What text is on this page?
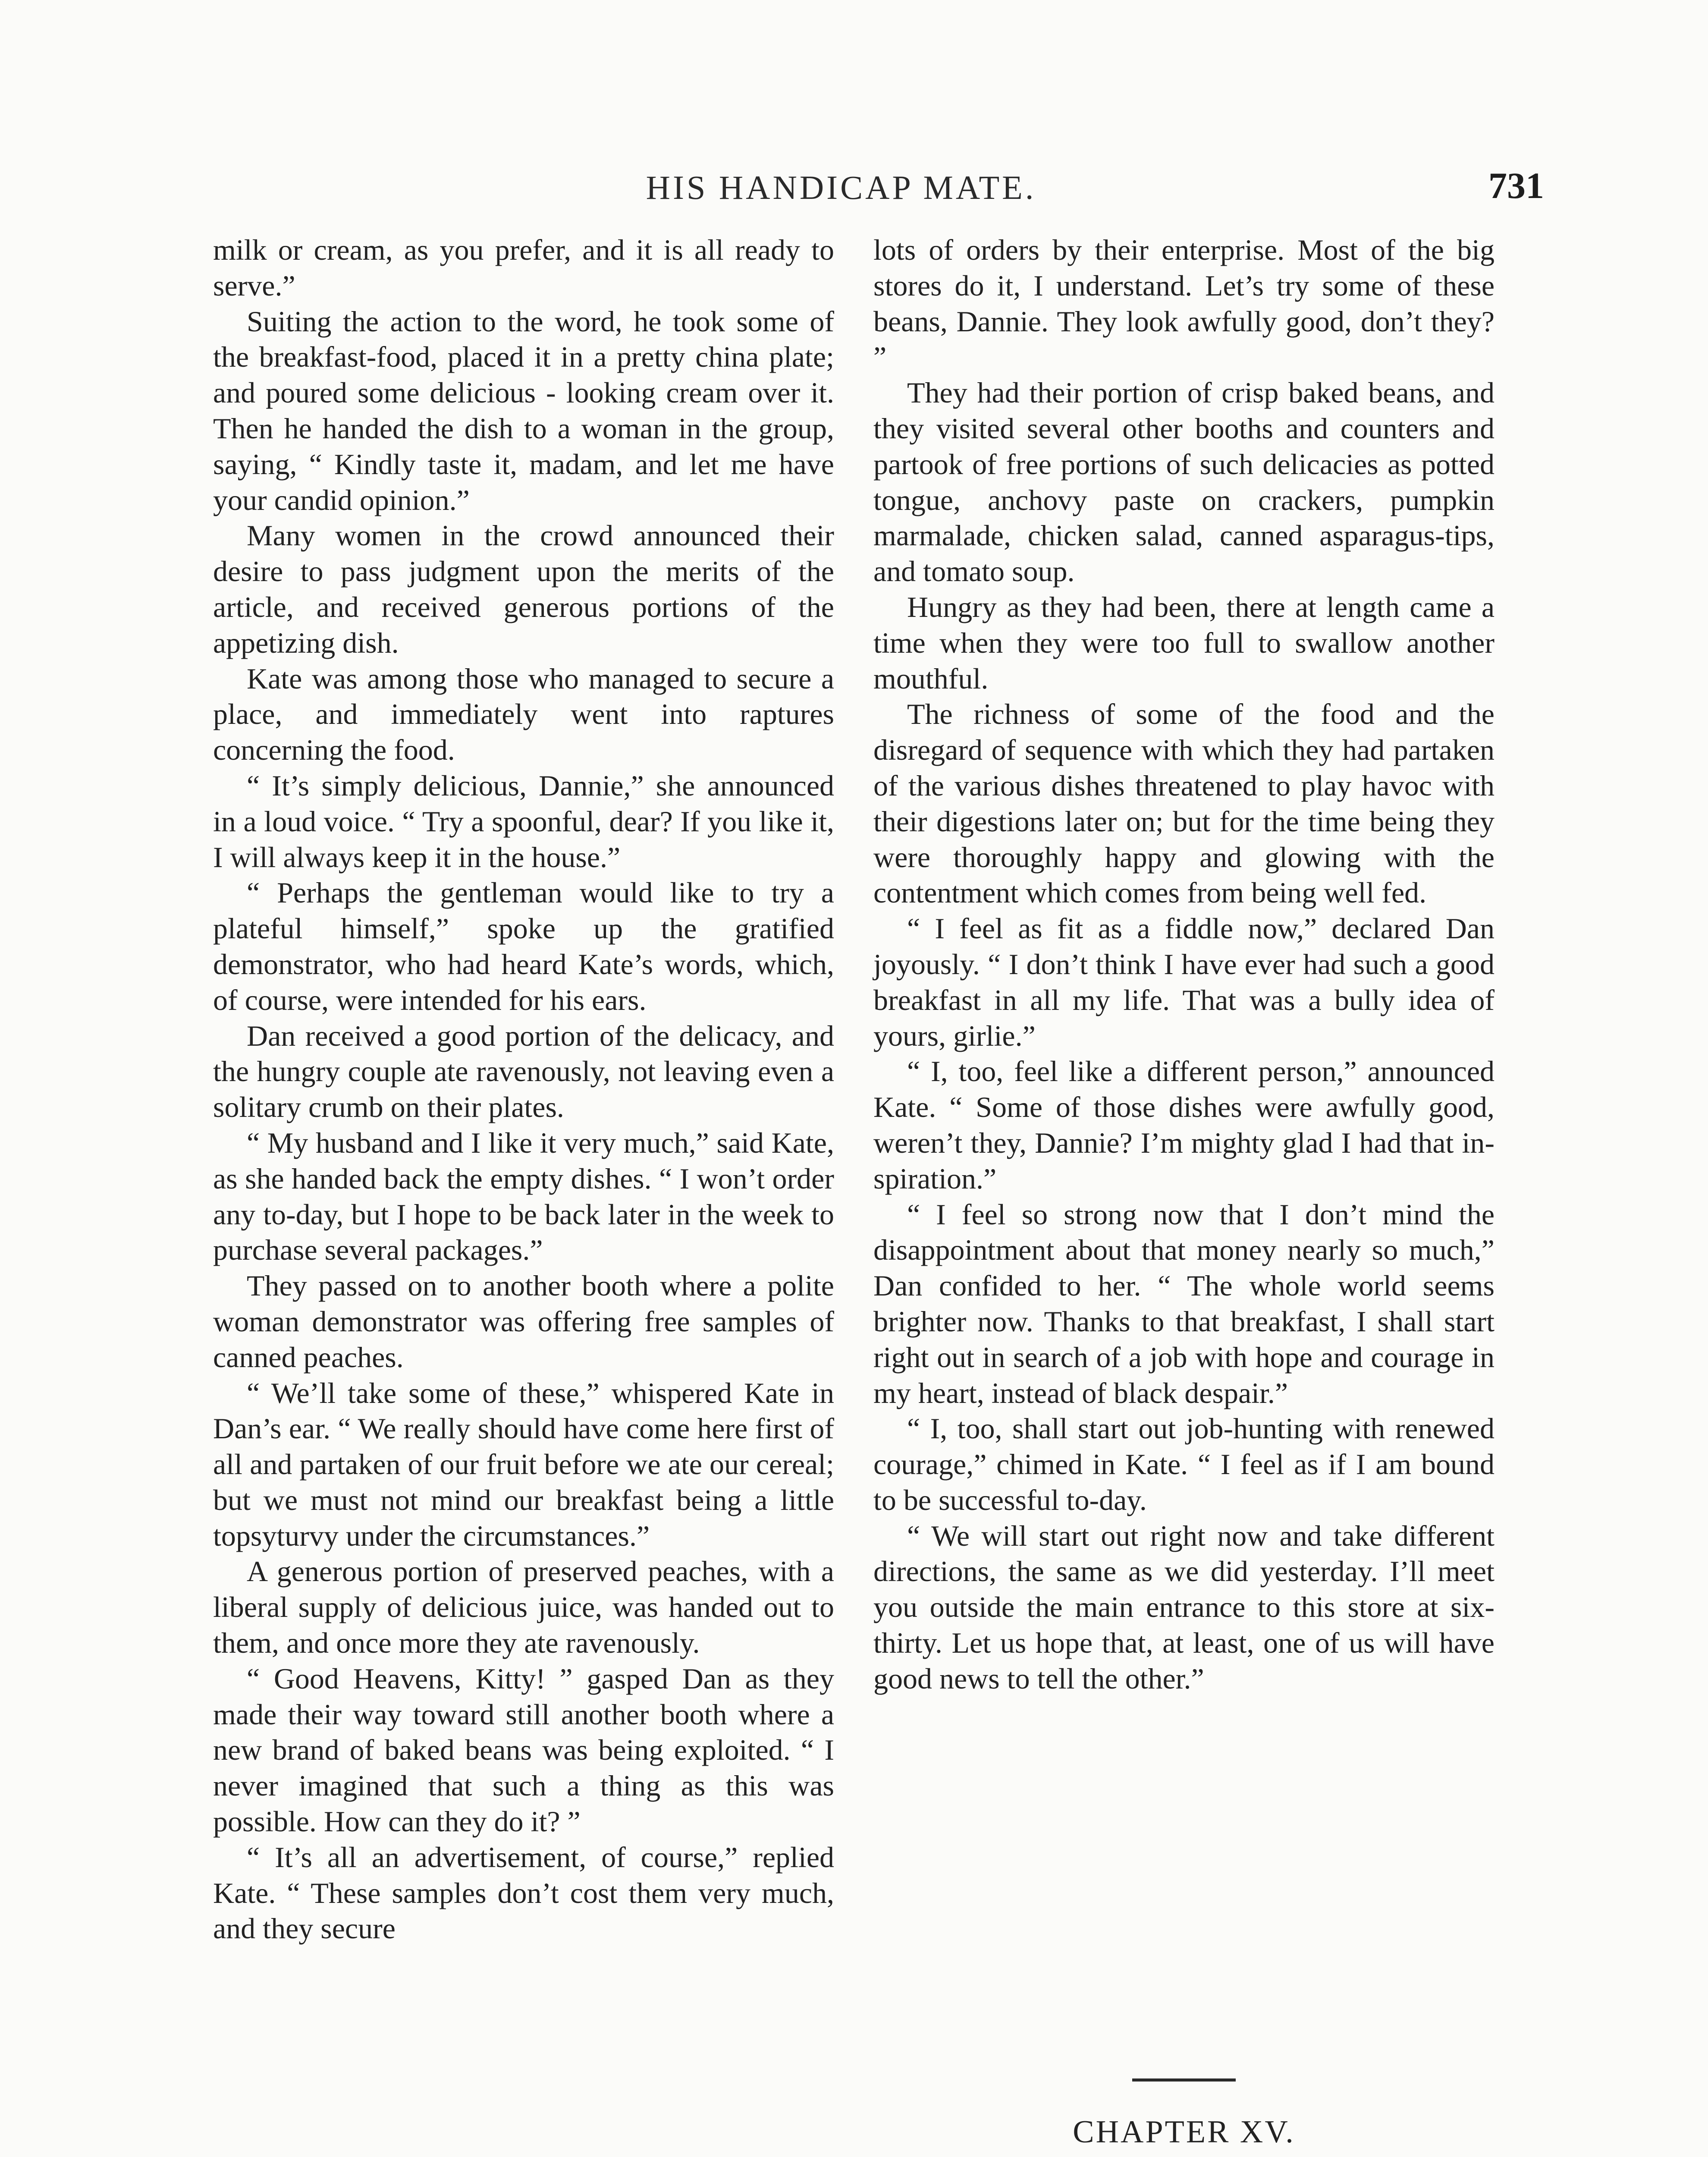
HIS HANDICAP MATE.	731

milk or cream, as you prefer, and it is all ready to serve.”

Suiting the action to the word, he took some of the breakfast-food, placed it in a pretty china plate; and poured some delicious - looking cream over it. Then he handed the dish to a woman in the group, saying, “ Kindly taste it, madam, and let me have your candid opinion.”

Many women in the crowd announced their desire to pass judgment upon the merits of the article, and received generous portions of the appetizing dish.

Kate was among those who managed to secure a place, and immediately went into raptures concerning the food.

“ It’s simply delicious, Dannie,” she announced in a loud voice. “ Try a spoonful, dear? If you like it, I will always keep it in the house.”

“ Perhaps the gentleman would like to try a plateful himself,” spoke up the gratified demonstrator, who had heard Kate’s words, which, of course, were intended for his ears.

Dan received a good portion of the delicacy, and the hungry couple ate ravenously, not leaving even a solitary crumb on their plates.

“ My husband and I like it very much,” said Kate, as she handed back the empty dishes. “ I won’t order any to-day, but I hope to be back later in the week to purchase several packages.”

They passed on to another booth where a polite woman demonstrator was offering free samples of canned peaches.

“ We’ll take some of these,” whispered Kate in Dan’s ear. “ We really should have come here first of all and partaken of our fruit before we ate our cereal; but we must not mind our breakfast being a little topsyturvy under the circumstances.”

A generous portion of preserved peaches, with a liberal supply of delicious juice, was handed out to them, and once more they ate ravenously.

“ Good Heavens, Kitty! ” gasped Dan as they made their way toward still another booth where a new brand of baked beans was being exploited. “ I never imagined that such a thing as this was possible. How can they do it? ”

“ It’s all an advertisement, of course,” replied Kate. “ These samples don’t cost them very much, and they secure

lots of orders by their enterprise. Most of the big stores do it, I understand. Let’s try some of these beans, Dannie. They look awfully good, don’t they? ”

They had their portion of crisp baked beans, and they visited several other booths and counters and partook of free portions of such delicacies as potted tongue, anchovy paste on crackers, pumpkin marmalade, chicken salad, canned asparagus-tips, and tomato soup.

Hungry as they had been, there at length came a time when they were too full to swallow another mouthful.

The richness of some of the food and the disregard of sequence with which they had partaken of the various dishes threatened to play havoc with their digestions later on; but for the time being they were thoroughly happy and glowing with the contentment which comes from being well fed.

“ I feel as fit as a fiddle now,” declared Dan joyously. “ I don’t think I have ever had such a good breakfast in all my life. That was a bully idea of yours, girlie.”

“ I, too, feel like a different person,” announced Kate. “ Some of those dishes were awfully good, weren’t they, Dannie? I’m mighty glad I had that inspiration.”

“ I feel so strong now that I don’t mind the disappointment about that money nearly so much,” Dan confided to her. “ The whole world seems brighter now. Thanks to that breakfast, I shall start right out in search of a job with hope and courage in my heart, instead of black despair.”

“ I, too, shall start out job-hunting with renewed courage,” chimed in Kate. “ I feel as if I am bound to be successful to-day.

“ We will start out right now and take different directions, the same as we did yesterday. I’ll meet you outside the main entrance to this store at six-thirty. Let us hope that, at least, one of us will have good news to tell the other.”

CHAPTER XV.
